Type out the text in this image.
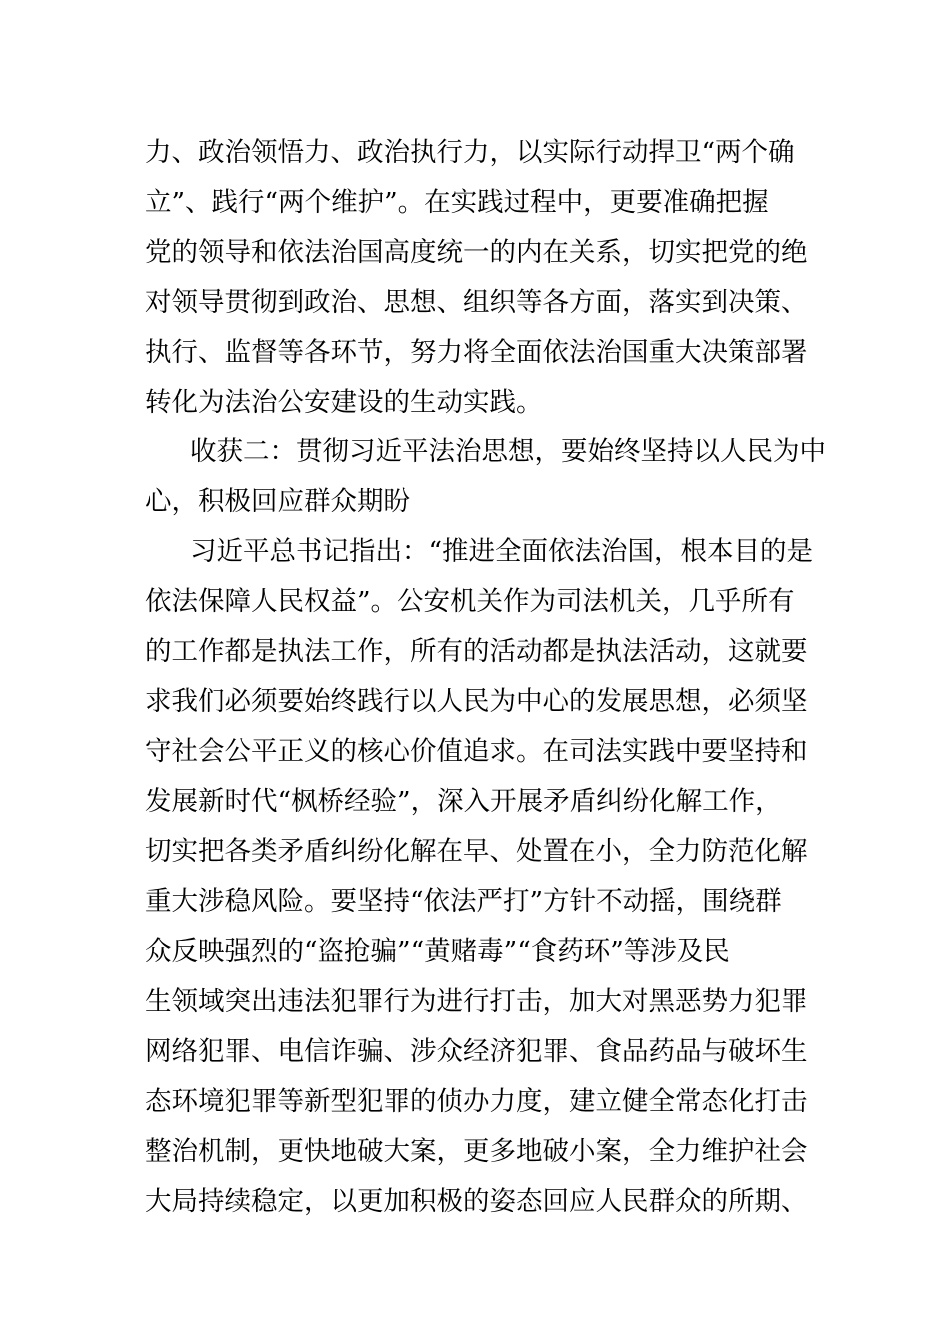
力、政治领悟力、政治执行力，以实际行动捍卫“两个确
立”、践行“两个维护”。在实践过程中，更要准确把握
党的领导和依法治国高度统一的内在关系，切实把党的绝
对领导贯彻到政治、思想、组织等各方面，落实到决策、
执行、监督等各环节，努力将全面依法治国重大决策部署
转化为法治公安建设的生动实践。
收获二：贯彻习近平法治思想，要始终坚持以人民为中
心，积极回应群众期盼
习近平总书记指出：“推进全面依法治国，根本目的是
依法保障人民权益”。公安机关作为司法机关，几乎所有
的工作都是执法工作，所有的活动都是执法活动，这就要
求我们必须要始终践行以人民为中心的发展思想，必须坚
守社会公平正义的核心价值追求。在司法实践中要坚持和
发展新时代“枫桥经验”，深入开展矛盾纠纷化解工作，
切实把各类矛盾纠纷化解在早、处置在小，全力防范化解
重大涉稳风险。要坚持“依法严打”方针不动摇，围绕群
众反映强烈的“盗抢骗”“黄赌毒”“食药环”等涉及民
生领域突出违法犯罪行为进行打击，加大对黑恶势力犯罪
网络犯罪、电信诈骗、涉众经济犯罪、食品药品与破坏生
态环境犯罪等新型犯罪的侦办力度，建立健全常态化打击
整治机制，更快地破大案，更多地破小案，全力维护社会
大局持续稳定，以更加积极的姿态回应人民群众的所期、
